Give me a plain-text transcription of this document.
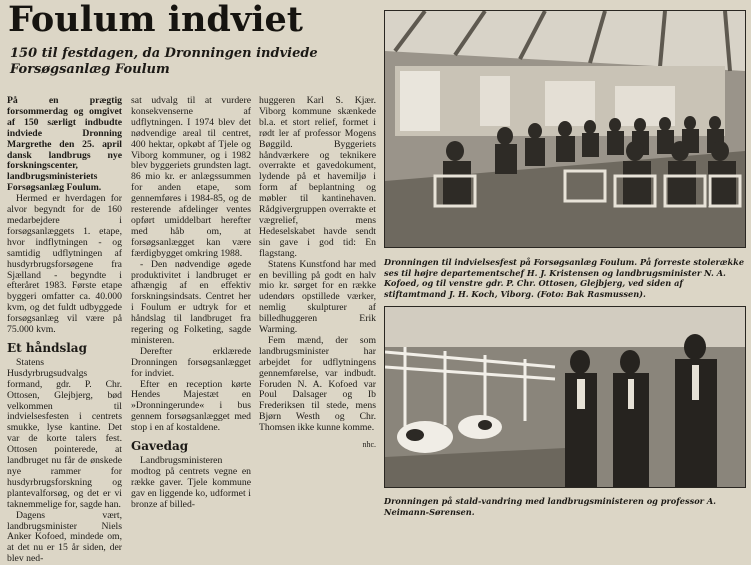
Foulum indviet

150 til festdagen, da Dronningen indviede Forsøgsanlæg Foulum

På en prægtig forsommerdag og omgivet af 150 særligt indbudte indviede Dronning Margrethe den 25. april dansk landbrugs nye forskningscenter, landbrugsministeriets Forsøgsanlæg Foulum.

Hermed er hverdagen for alvor begyndt for de 160 medarbejdere i forsøgsanlæggets 1. etape, hvor indflytningen - og samtidig udflytningen af husdyrbrugsforsøgene fra Sjælland - begyndte i efteråret 1983. Første etape byggeri omfatter ca. 40.000 kvm, og det fuldt udbyggede forsøgsanlæg vil være på 75.000 kvm.

Et håndslag

Statens Husdyrbrugsudvalgs formand, gdr. P. Chr. Ottosen, Glejbjerg, bød velkommen til indvielsesfesten i centrets smukke, lyse kantine. Det var de korte talers fest. Ottosen pointerede, at landbruget nu får de ønskede nye rammer for husdyrbrugsforskning og plantevalforsøg, og det er vi taknemmelige for, sagde han.

Dagens vært, landbrugsminister Niels Anker Kofoed, mindede om, at det nu er 15 år siden, der blev ned-

sat udvalg til at vurdere konsekvenserne af udflytningen. I 1974 blev det nødvendige areal til centret, 400 hektar, opkøbt af Tjele og Viborg kommuner, og i 1982 blev byggeriets grundsten lagt. 86 mio kr. er anlægssummen for anden etape, som gennemføres i 1984-85, og de resterende afdelinger ventes opført umiddelbart herefter med håb om, at forsøgsanlægget kan være færdigbygget omkring 1988.

- Den nødvendige øgede produktivitet i landbruget er afhængig af en effektiv forskningsindsats. Centret her i Foulum er udtryk for et håndslag til landbruget fra regering og Folketing, sagde ministeren.

Derefter erklærede Dronningen forsøgsanlægget for indviet.

Efter en reception kørte Hendes Majestæt en »Dronningerunde« i bus gennem forsøgsanlægget med stop i en af kostaldene.

Gavedag

Landbrugsministeren modtog på centrets vegne en række gaver. Tjele kommune gav en liggende ko, udformet i bronze af billed-

huggeren Karl S. Kjær. Viborg kommune skænkede bl.a. et stort relief, formet i rødt ler af professor Mogens Bøggild. Byggeriets håndværkere og teknikere overrakte et gavedokument, lydende på et havemiljø i form af beplantning og møbler til kantinehaven. Rådgivergruppen overrakte et vægrelief, mens Hedeselskabet havde sendt sin gave i god tid: En flagstang.

Statens Kunstfond har med en bevilling på godt en halv mio kr. sørget for en række udendørs opstillede værker, nemlig skulpturer af billedhuggeren Erik Warming.

Fem mænd, der som landbrugsminister har arbejdet for udflytningens gennemførelse, var indbudt. Foruden N. A. Kofoed var Poul Dalsager og Ib Frederiksen til stede, mens Bjørn Westh og Chr. Thomsen ikke kunne komme.

nhc.

Dronningen til indvielsesfest på Forsøgsanlæg Foulum. På forreste stolerække ses til højre departementschef H. J. Kristensen og landbrugsminister N. A. Kofoed, og til venstre gdr. P. Chr. Ottosen, Glejbjerg, ved siden af stiftamtmand J. H. Koch, Viborg. (Foto: Bak Rasmussen).

Dronningen på stald-vandring med landbrugsministeren og professor A. Neimann-Sørensen.
